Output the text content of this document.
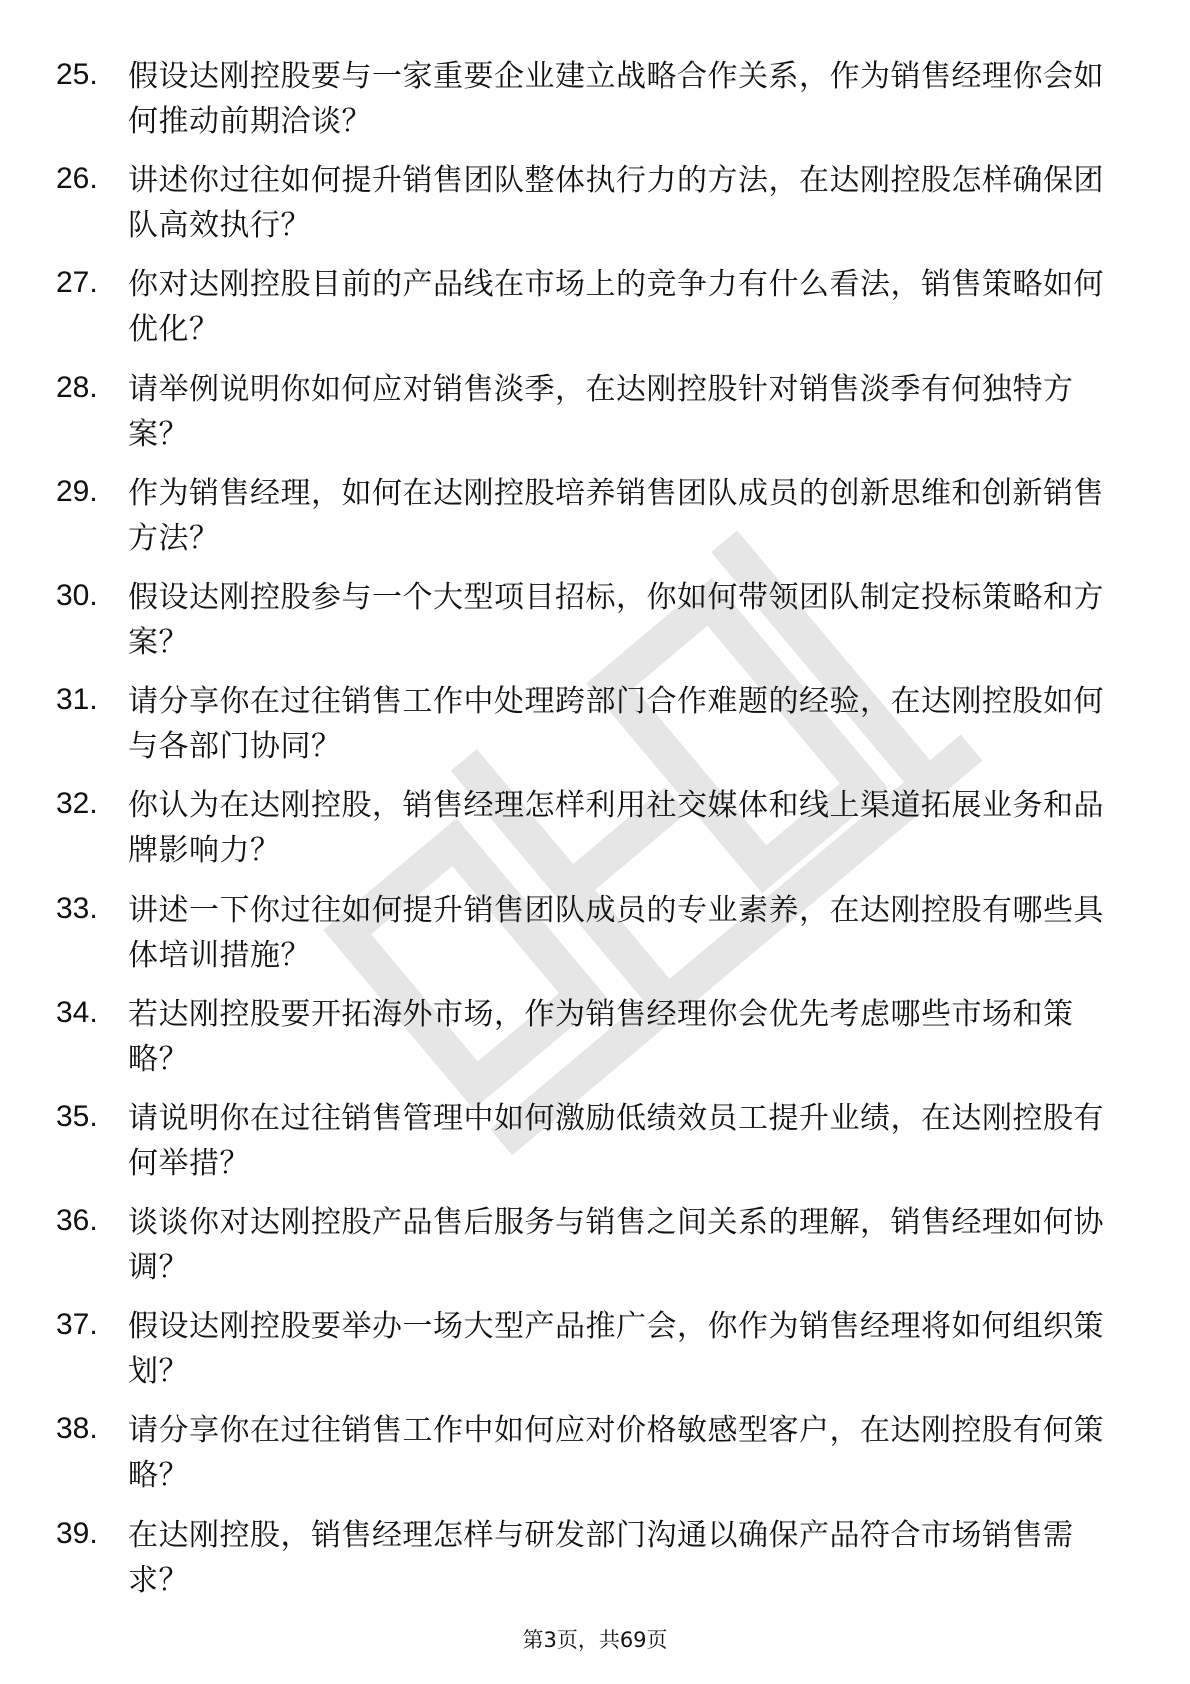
25.	假设达刚控股要与一家重要企业建立战略合作关系，作为销售经理你会如何推动前期洽谈？
26.	讲述你过往如何提升销售团队整体执行力的方法，在达刚控股怎样确保团队高效执行？
27.	你对达刚控股目前的产品线在市场上的竞争力有什么看法，销售策略如何优化？
28.	请举例说明你如何应对销售淡季，在达刚控股针对销售淡季有何独特方案？
29.	作为销售经理，如何在达刚控股培养销售团队成员的创新思维和创新销售方法？
30.	假设达刚控股参与一个大型项目招标，你如何带领团队制定投标策略和方案？
31.	请分享你在过往销售工作中处理跨部门合作难题的经验，在达刚控股如何与各部门协同？
32.	你认为在达刚控股，销售经理怎样利用社交媒体和线上渠道拓展业务和品牌影响力？
33.	讲述一下你过往如何提升销售团队成员的专业素养，在达刚控股有哪些具体培训措施？
34.	若达刚控股要开拓海外市场，作为销售经理你会优先考虑哪些市场和策略？
35.	请说明你在过往销售管理中如何激励低绩效员工提升业绩，在达刚控股有何举措？
36.	谈谈你对达刚控股产品售后服务与销售之间关系的理解，销售经理如何协调？
37.	假设达刚控股要举办一场大型产品推广会，你作为销售经理将如何组织策划？
38.	请分享你在过往销售工作中如何应对价格敏感型客户，在达刚控股有何策略？
39.	在达刚控股，销售经理怎样与研发部门沟通以确保产品符合市场销售需求？
第3页，共69页
